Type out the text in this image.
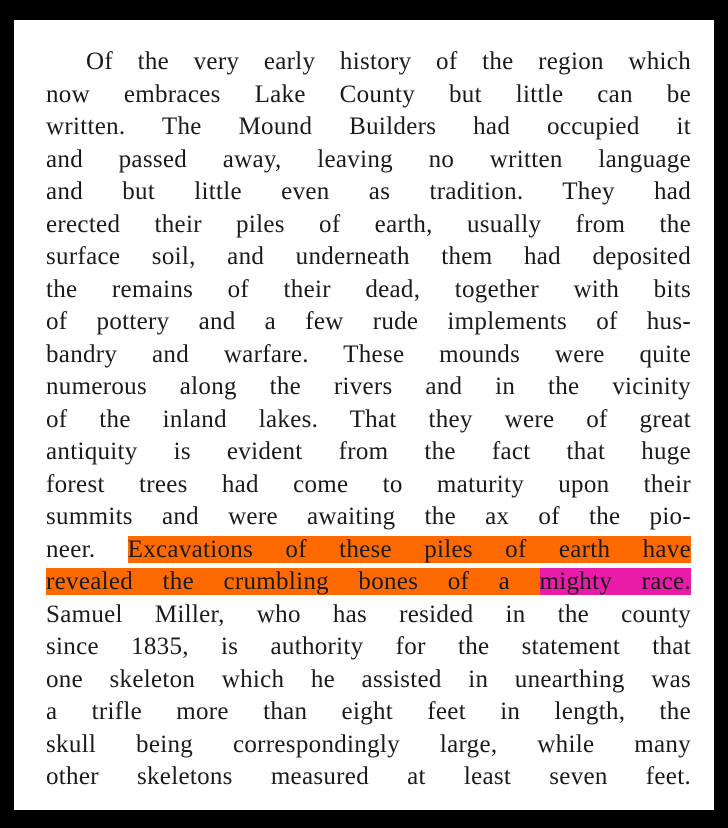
Of the very early history of the region which
now embraces Lake County but little can be
written. The Mound Builders had occupied it
and passed away, leaving no written language
and but little even as tradition. They had
erected their piles of earth, usually from the
surface soil, and underneath them had deposited
the remains of their dead, together with bits
of pottery and a few rude implements of hus-
bandry and warfare. These mounds were quite
numerous along the rivers and in the vicinity
of the inland lakes. That they were of great
antiquity is evident from the fact that huge
forest trees had come to maturity upon their
summits and were awaiting the ax of the pio-
neer. Excavations of these piles of earth have
revealed the crumbling bones of a mighty race.
Samuel Miller, who has resided in the county
since 1835, is authority for the statement that
one skeleton which he assisted in unearthing was
a trifle more than eight feet in length, the
skull being correspondingly large, while many
other skeletons measured at least seven feet.
